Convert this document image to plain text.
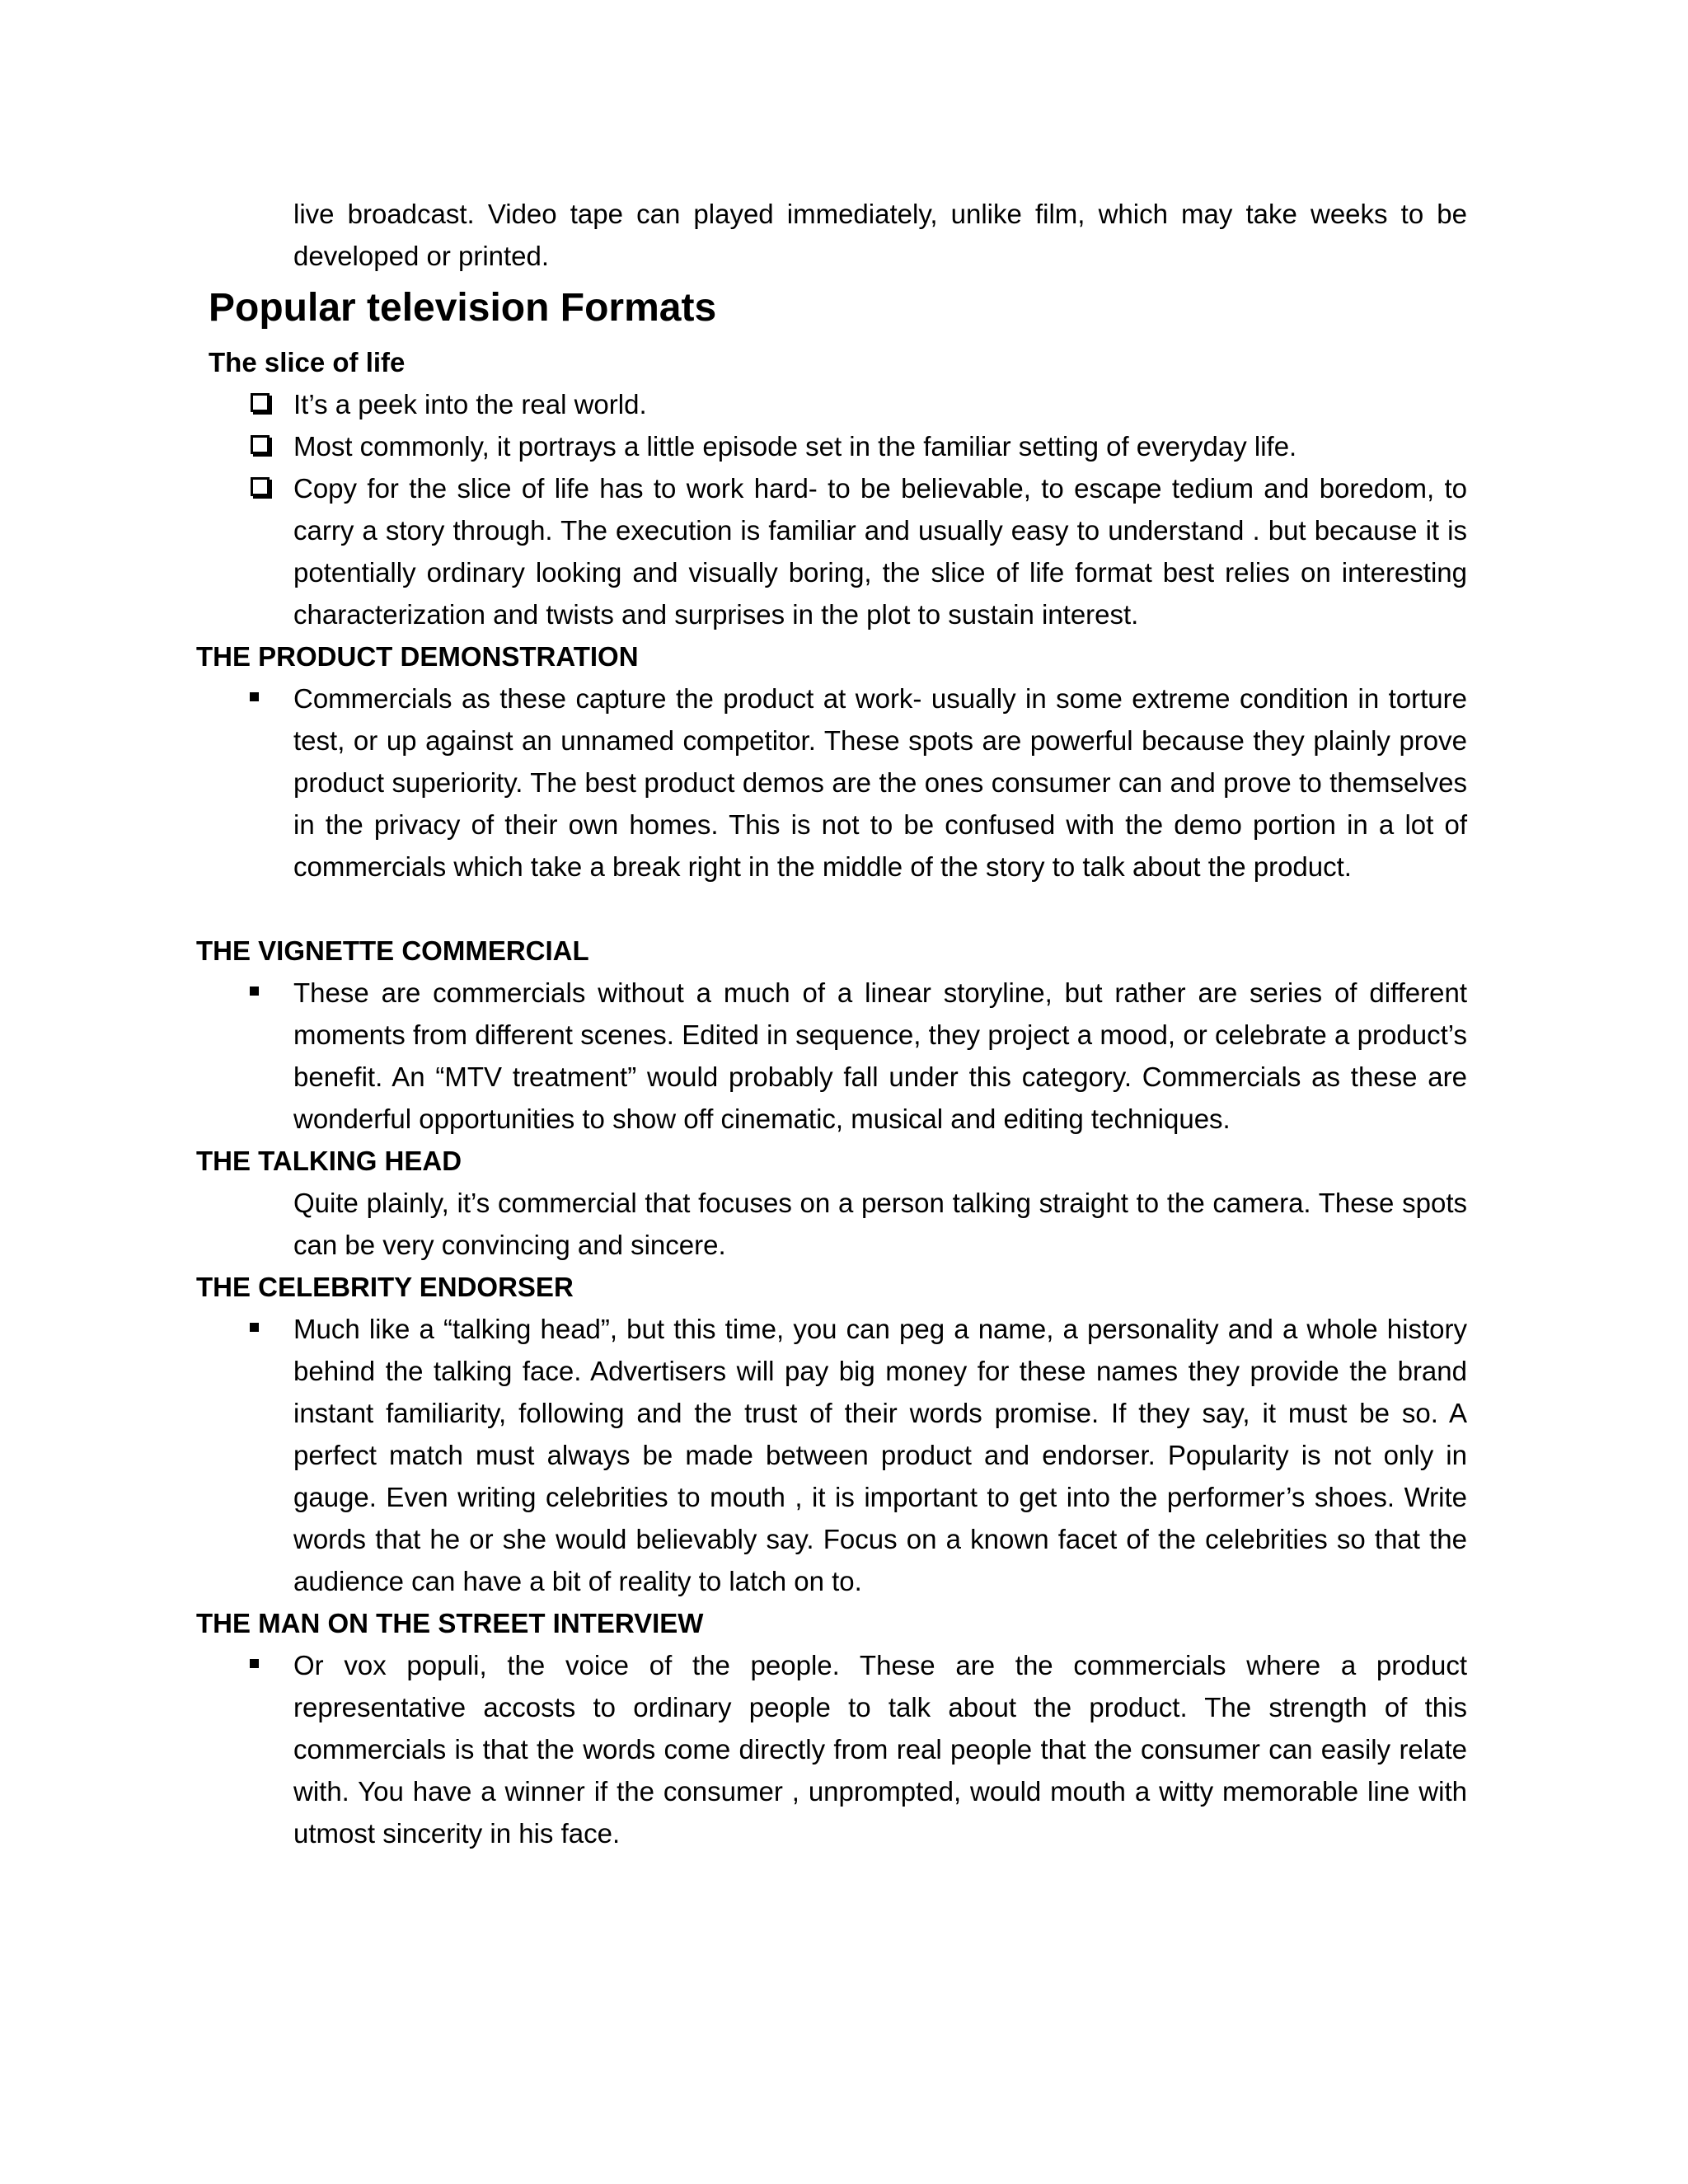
live broadcast. Video tape can played immediately, unlike film, which may take weeks to be developed or printed.

Popular television Formats
The slice of life

It’s a peek into the real world.

Most commonly, it portrays a little episode set in the familiar setting of everyday life.

Copy for the slice of life has to work hard- to be believable, to escape tedium and boredom, to carry a story through. The execution is familiar and usually easy to understand . but because it is potentially ordinary looking and visually boring, the slice of life format best relies on interesting characterization and twists and surprises in the plot to sustain interest.

THE PRODUCT DEMONSTRATION

Commercials as these capture the product at work- usually in some extreme condition in torture test, or up against an unnamed competitor. These spots are powerful because they plainly prove product superiority. The best product demos are the ones consumer can and prove to themselves in the privacy of their own homes. This is not to be confused with the demo portion in a lot of commercials which take a break right in the middle of the story to talk about the product.

THE VIGNETTE COMMERCIAL

These are commercials without a much of a linear storyline, but rather are series of different moments from different scenes. Edited in sequence, they project a mood, or celebrate a product’s benefit. An “MTV treatment” would probably fall under this category. Commercials as these are wonderful opportunities to show off cinematic, musical and editing techniques.

THE TALKING HEAD

Quite plainly, it’s commercial that focuses on a person talking straight to the camera. These spots can be very convincing and sincere.

THE CELEBRITY ENDORSER

Much like a “talking head”, but this time, you can peg a name, a personality and a whole history behind the talking face. Advertisers will pay big money for these names they provide the brand instant familiarity, following and the trust of their words promise. If they say, it must be so. A perfect match must always be made between product and endorser. Popularity is not only in gauge. Even writing celebrities to mouth , it is important to get into the performer’s shoes. Write words that he or she would believably say. Focus on a known facet of the celebrities so that the audience can have a bit of reality to latch on to.

THE MAN ON THE STREET INTERVIEW

Or vox populi, the voice of the people. These are the commercials where a product representative accosts to ordinary people to talk about the product. The strength of this commercials is that the words come directly from real people that the consumer can easily relate with. You have a winner if the consumer , unprompted, would mouth a witty memorable line with utmost sincerity in his face.
